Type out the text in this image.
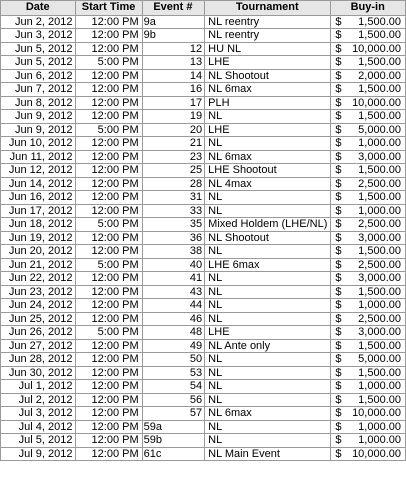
Date	Start Time	Event #	Tournament	Buy-in	
Jun 2, 2012	12:00 PM	9a	NL reentry	$	1,500.00
Jun 3, 2012	12:00 PM	9b	NL reentry	$	1,500.00
Jun 5, 2012	12:00 PM	12	HU NL	$	10,000.00
Jun 5, 2012	5:00 PM	13	LHE	$	1,500.00
Jun 6, 2012	12:00 PM	14	NL Shootout	$	2,000.00
Jun 7, 2012	12:00 PM	16	NL 6max	$	1,500.00
Jun 8, 2012	12:00 PM	17	PLH	$	10,000.00
Jun 9, 2012	12:00 PM	19	NL	$	1,500.00
Jun 9, 2012	5:00 PM	20	LHE	$	5,000.00
Jun 10, 2012	12:00 PM	21	NL	$	1,000.00
Jun 11, 2012	12:00 PM	23	NL 6max	$	3,000.00
Jun 12, 2012	12:00 PM	25	LHE Shootout	$	1,500.00
Jun 14, 2012	12:00 PM	28	NL 4max	$	2,500.00
Jun 16, 2012	12:00 PM	31	NL	$	1,500.00
Jun 17, 2012	12:00 PM	33	NL	$	1,000.00
Jun 18, 2012	5:00 PM	35	Mixed Holdem (LHE/NL)	$	2,500.00
Jun 19, 2012	12:00 PM	36	NL Shootout	$	3,000.00
Jun 20, 2012	12:00 PM	38	NL	$	1,500.00
Jun 21, 2012	5:00 PM	40	LHE 6max	$	2,500.00
Jun 22, 2012	12:00 PM	41	NL	$	3,000.00
Jun 23, 2012	12:00 PM	43	NL	$	1,500.00
Jun 24, 2012	12:00 PM	44	NL	$	1,000.00
Jun 25, 2012	12:00 PM	46	NL	$	2,500.00
Jun 26, 2012	5:00 PM	48	LHE	$	3,000.00
Jun 27, 2012	12:00 PM	49	NL Ante only	$	1,500.00
Jun 28, 2012	12:00 PM	50	NL	$	5,000.00
Jun 30, 2012	12:00 PM	53	NL	$	1,500.00
Jul 1, 2012	12:00 PM	54	NL	$	1,000.00
Jul 2, 2012	12:00 PM	56	NL	$	1,500.00
Jul 3, 2012	12:00 PM	57	NL 6max	$	10,000.00
Jul 4, 2012	12:00 PM	59a	NL	$	1,000.00
Jul 5, 2012	12:00 PM	59b	NL	$	1,000.00
Jul 9, 2012	12:00 PM	61c	NL Main Event	$	10,000.00
